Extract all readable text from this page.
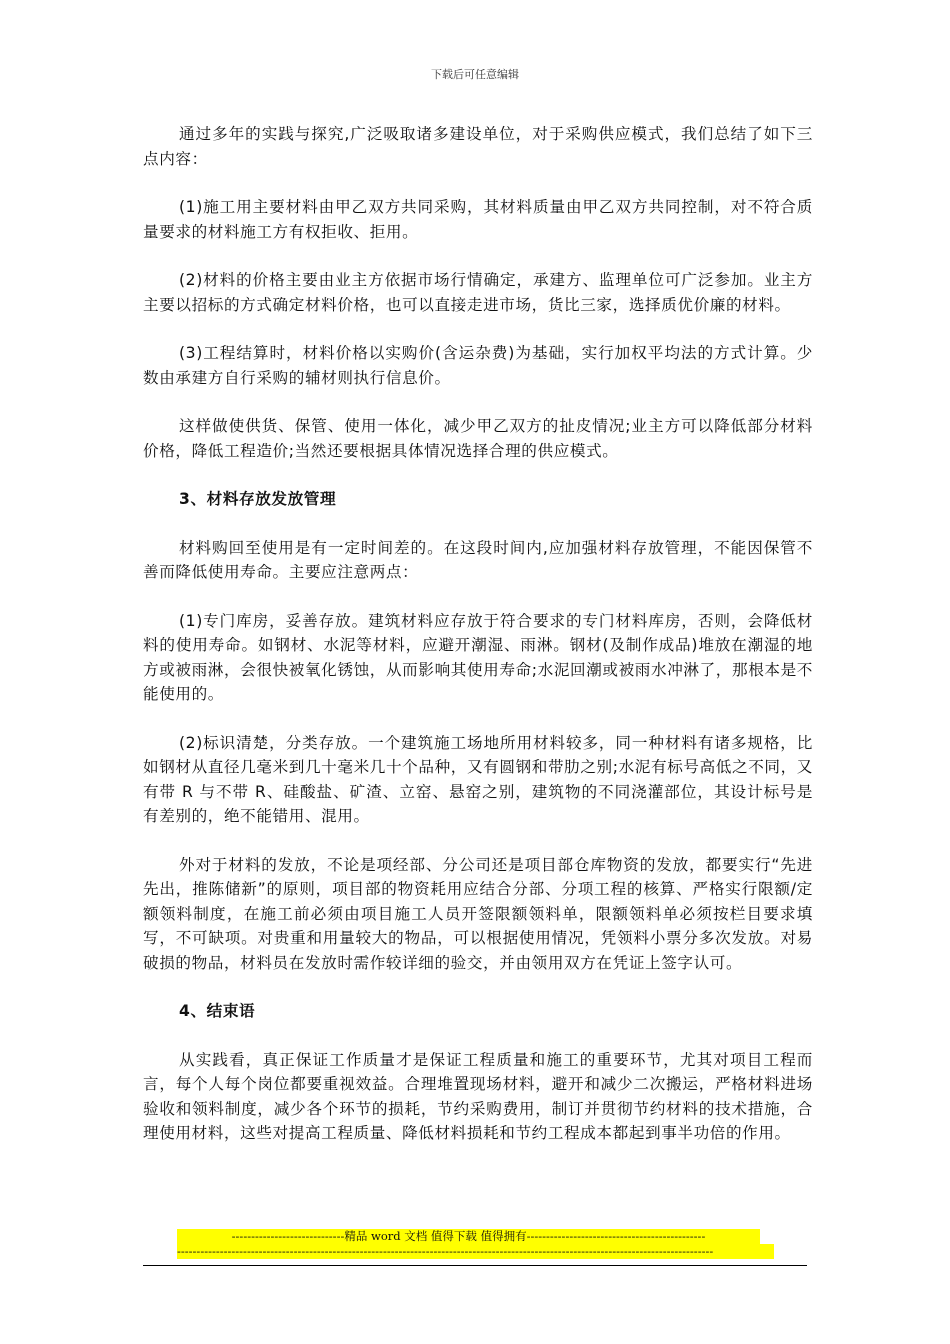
下载后可任意编辑

通过多年的实践与探究,广泛吸取诸多建设单位，对于采购供应模式，我们总结了如下三点内容：

(1)施工用主要材料由甲乙双方共同采购，其材料质量由甲乙双方共同控制，对不符合质量要求的材料施工方有权拒收、拒用。

(2)材料的价格主要由业主方依据市场行情确定，承建方、监理单位可广泛参加。业主方主要以招标的方式确定材料价格，也可以直接走进市场，货比三家，选择质优价廉的材料。

(3)工程结算时，材料价格以实购价(含运杂费)为基础，实行加权平均法的方式计算。少数由承建方自行采购的辅材则执行信息价。

这样做使供货、保管、使用一体化，减少甲乙双方的扯皮情况;业主方可以降低部分材料价格，降低工程造价;当然还要根据具体情况选择合理的供应模式。

3、材料存放发放管理

材料购回至使用是有一定时间差的。在这段时间内,应加强材料存放管理，不能因保管不善而降低使用寿命。主要应注意两点：

(1)专门库房，妥善存放。建筑材料应存放于符合要求的专门材料库房，否则，会降低材料的使用寿命。如钢材、水泥等材料，应避开潮湿、雨淋。钢材(及制作成品)堆放在潮湿的地方或被雨淋，会很快被氧化锈蚀，从而影响其使用寿命;水泥回潮或被雨水冲淋了，那根本是不能使用的。

(2)标识清楚，分类存放。一个建筑施工场地所用材料较多，同一种材料有诸多规格，比如钢材从直径几毫米到几十毫米几十个品种，又有圆钢和带肋之别;水泥有标号高低之不同，又有带 R 与不带 R、硅酸盐、矿渣、立窑、悬窑之别，建筑物的不同浇灌部位，其设计标号是有差别的，绝不能错用、混用。

外对于材料的发放，不论是项经部、分公司还是项目部仓库物资的发放，都要实行“先进先出，推陈储新”的原则，项目部的物资耗用应结合分部、分项工程的核算、严格实行限额/定额领料制度，在施工前必须由项目施工人员开签限额领料单，限额领料单必须按栏目要求填写，不可缺项。对贵重和用量较大的物品，可以根据使用情况，凭领料小票分多次发放。对易破损的物品，材料员在发放时需作较详细的验交，并由领用双方在凭证上签字认可。

4、结束语

从实践看，真正保证工作质量才是保证工程质量和施工的重要环节，尤其对项目工程而言，每个人每个岗位都要重视效益。合理堆置现场材料，避开和减少二次搬运，严格材料进场验收和领料制度，减少各个环节的损耗，节约采购费用，制订并贯彻节约材料的技术措施，合理使用材料，这些对提高工程质量、降低材料损耗和节约工程成本都起到事半功倍的作用。

-----------------------------精品 word 文档 值得下载 值得拥有----------------------------------------------
------------------------------------------------------------------------------------------------------------------------------------------
